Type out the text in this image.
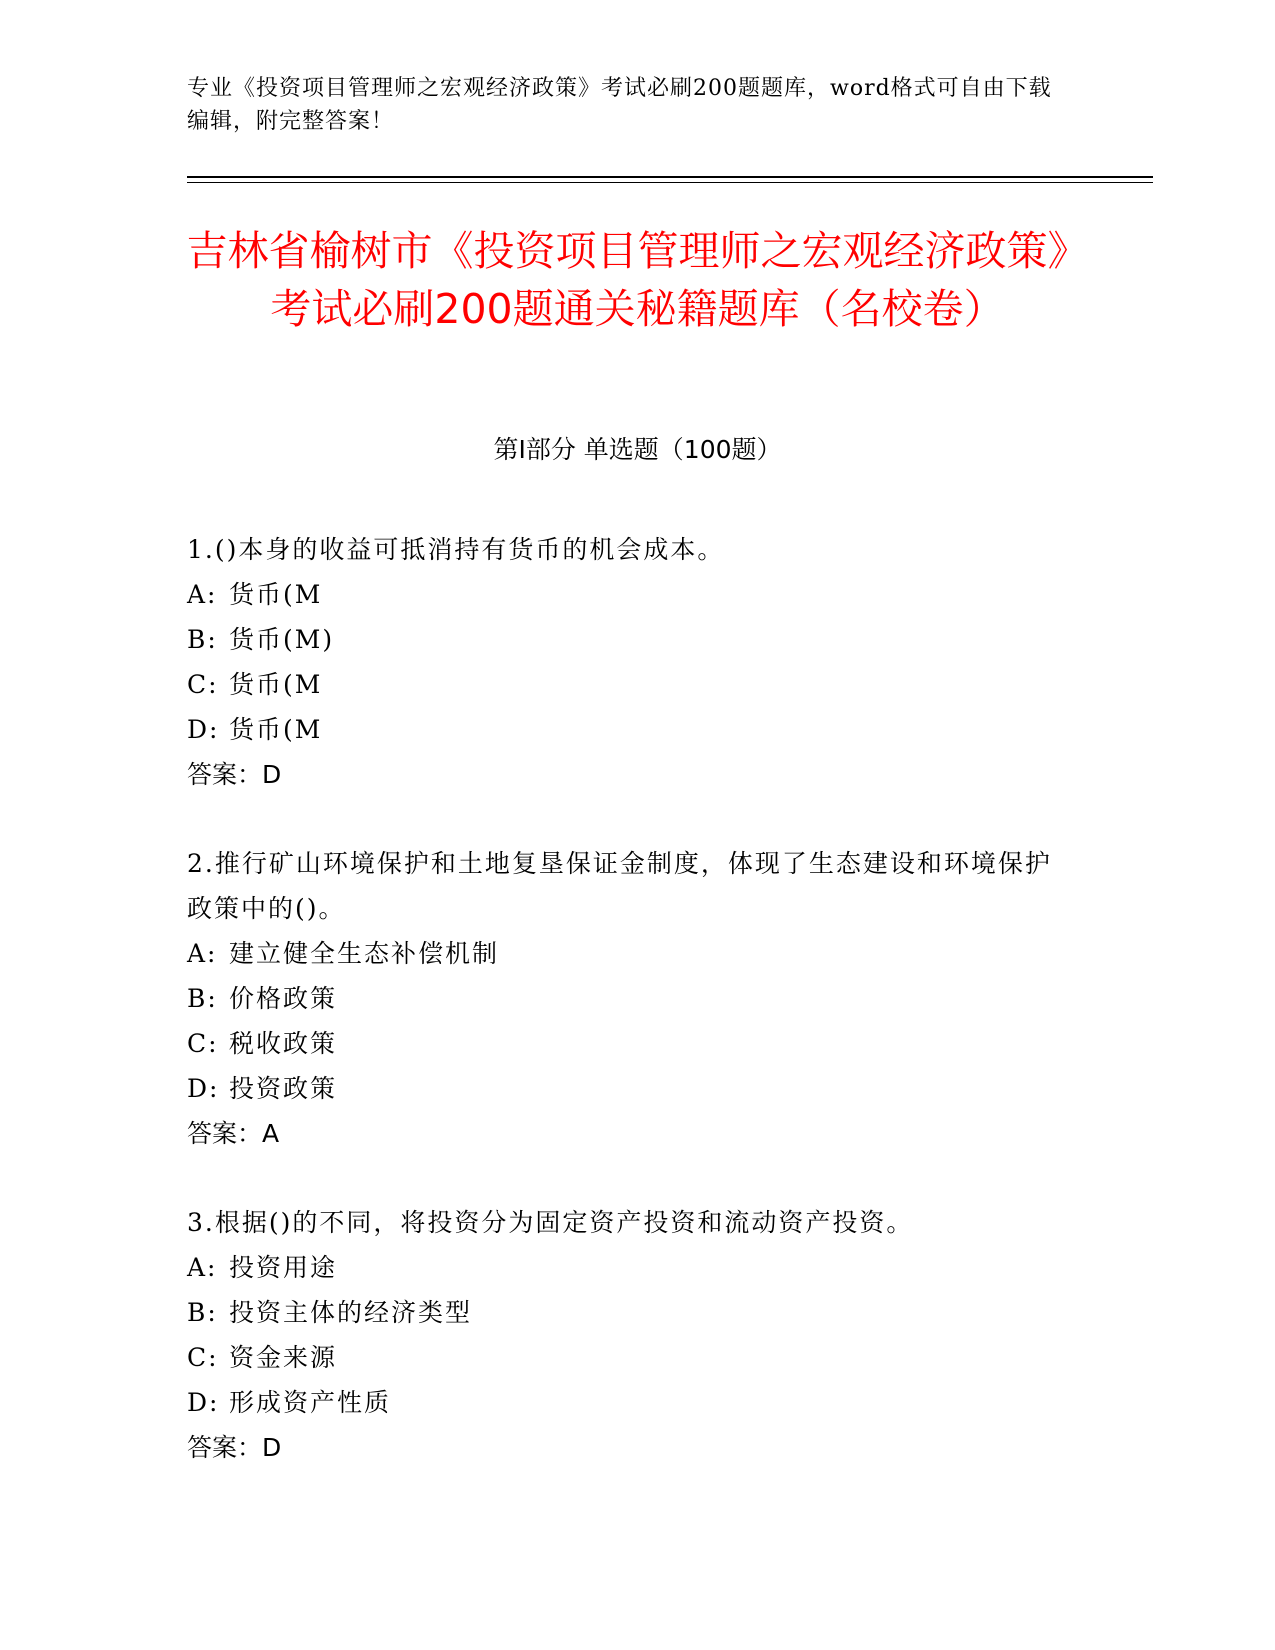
专业《投资项目管理师之宏观经济政策》考试必刷200题题库，word格式可自由下载编辑，附完整答案！
吉林省榆树市《投资项目管理师之宏观经济政策》考试必刷200题通关秘籍题库（名校卷）
第Ⅰ部分 单选题（100题）
1.()本身的收益可抵消持有货币的机会成本。
A: 货币(M
B: 货币(M)
C: 货币(M
D: 货币(M
答案：D
2.推行矿山环境保护和土地复垦保证金制度，体现了生态建设和环境保护政策中的()。
A: 建立健全生态补偿机制
B: 价格政策
C: 税收政策
D: 投资政策
答案：A
3.根据()的不同，将投资分为固定资产投资和流动资产投资。
A: 投资用途
B: 投资主体的经济类型
C: 资金来源
D: 形成资产性质
答案：D
